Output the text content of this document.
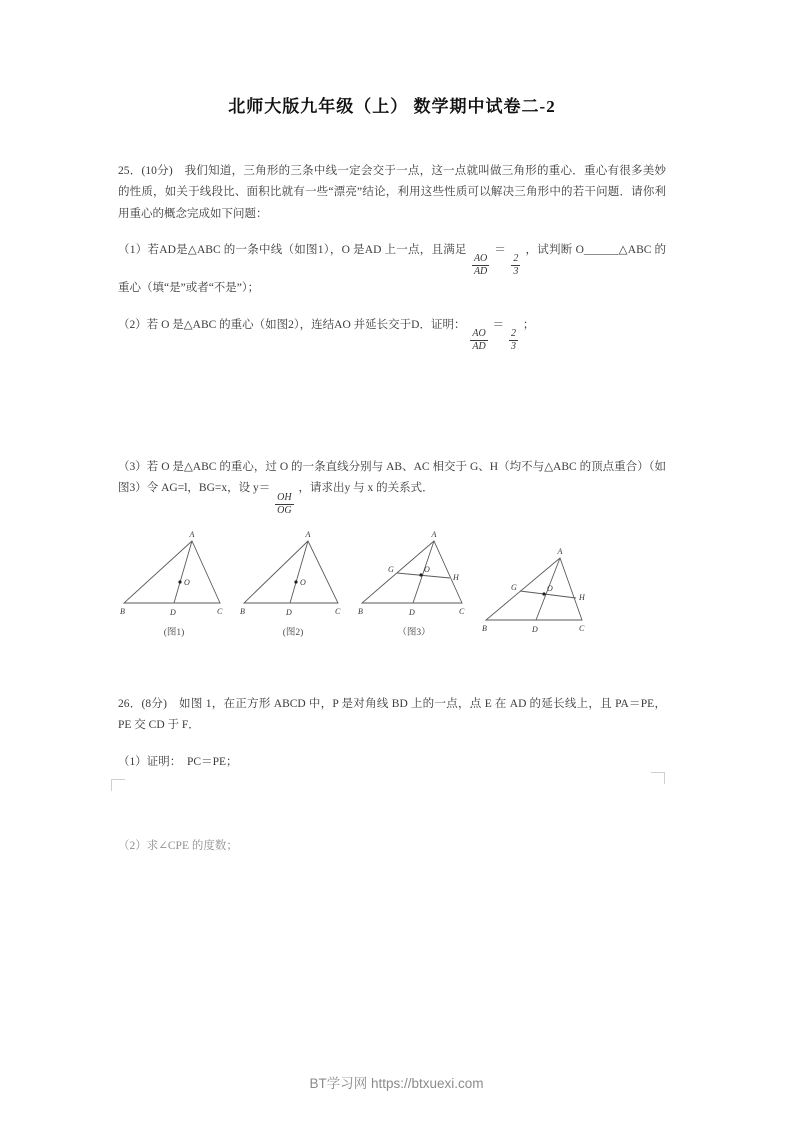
北师大版九年级（上） 数学期中试卷二-2

25．(10分)　我们知道，三角形的三条中线一定会交于一点，这一点就叫做三角形的重心．重心有很多美妙的性质，如关于线段比、面积比就有一些“漂亮”结论，利用这些性质可以解决三角形中的若干问题．请你利用重心的概念完成如下问题：

（1）若AD是△ABC 的一条中线（如图1），O 是AD 上一点，且满足
$\frac{AO}{AD}$
＝
$\frac{2}{3}$
，试判断 O______△ABC 的重心（填“是”或者“不是”）；

（2）若 O 是△ABC 的重心（如图2），连结AO 并延长交于D．证明：
$\frac{AO}{AD}$
＝
$\frac{2}{3}$
；

（3）若 O 是△ABC 的重心，过 O 的一条直线分别与 AB、AC 相交于 G、H（均不与△ABC 的顶点重合）（如图3）令 AG=l，BG=x，设 y＝
$\frac{OH}{OG}$
，请求出y 与 x 的关系式．

A
B	C
D
O
(图1)
A
B	C
D
O
(图2)
A
B	C
D
G
H
O
（图3）
A
B	C
D
G
H
O

26．(8分)　如图 1，在正方形 ABCD 中，P 是对角线 BD 上的一点，点 E 在 AD 的延长线上，且 PA＝PE，PE 交 CD 于 F．

（1）证明：　PC＝PE；

（2）求∠CPE 的度数；

BT学习网 https://btxuexi.com
